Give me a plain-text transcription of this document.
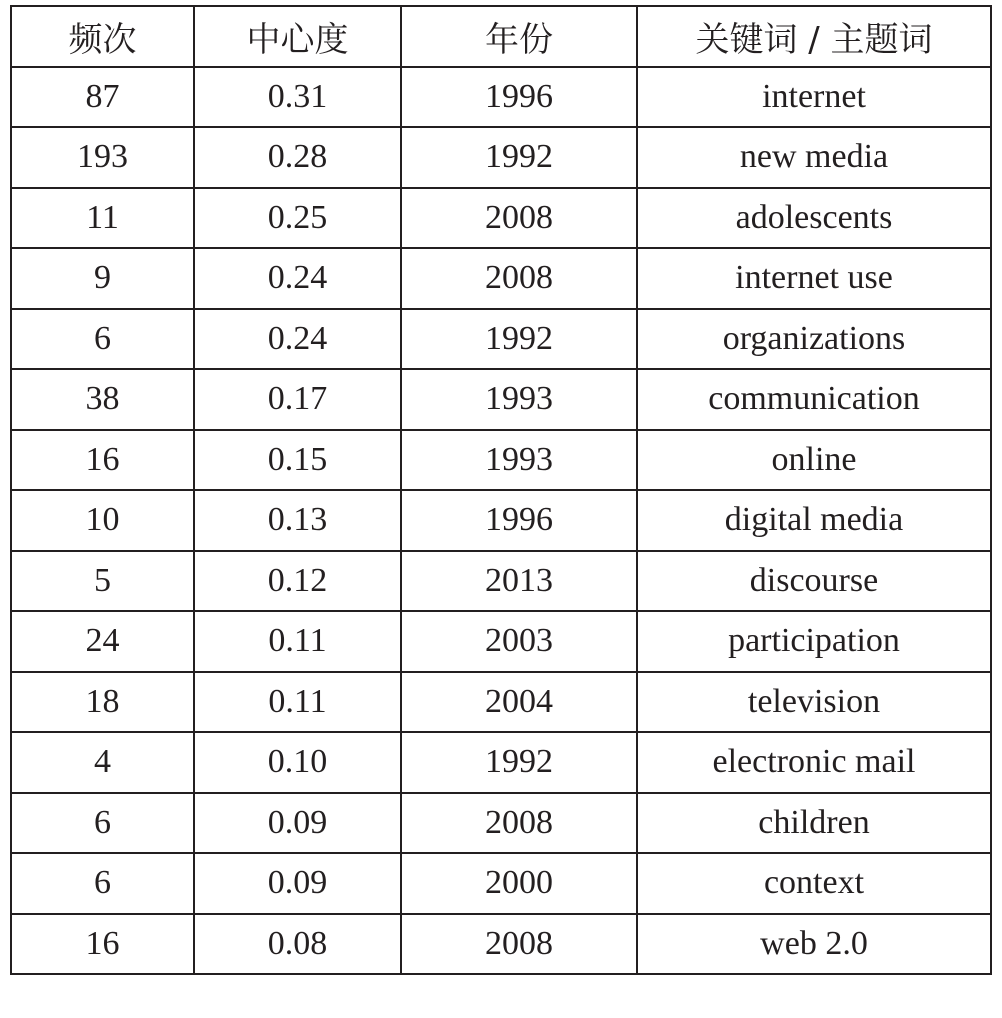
频次	中心度	年份	关键词 / 主题词
87	0.31	1996	internet
193	0.28	1992	new media
11	0.25	2008	adolescents
9	0.24	2008	internet use
6	0.24	1992	organizations
38	0.17	1993	communication
16	0.15	1993	online
10	0.13	1996	digital media
5	0.12	2013	discourse
24	0.11	2003	participation
18	0.11	2004	television
4	0.10	1992	electronic mail
6	0.09	2008	children
6	0.09	2000	context
16	0.08	2008	web 2.0
